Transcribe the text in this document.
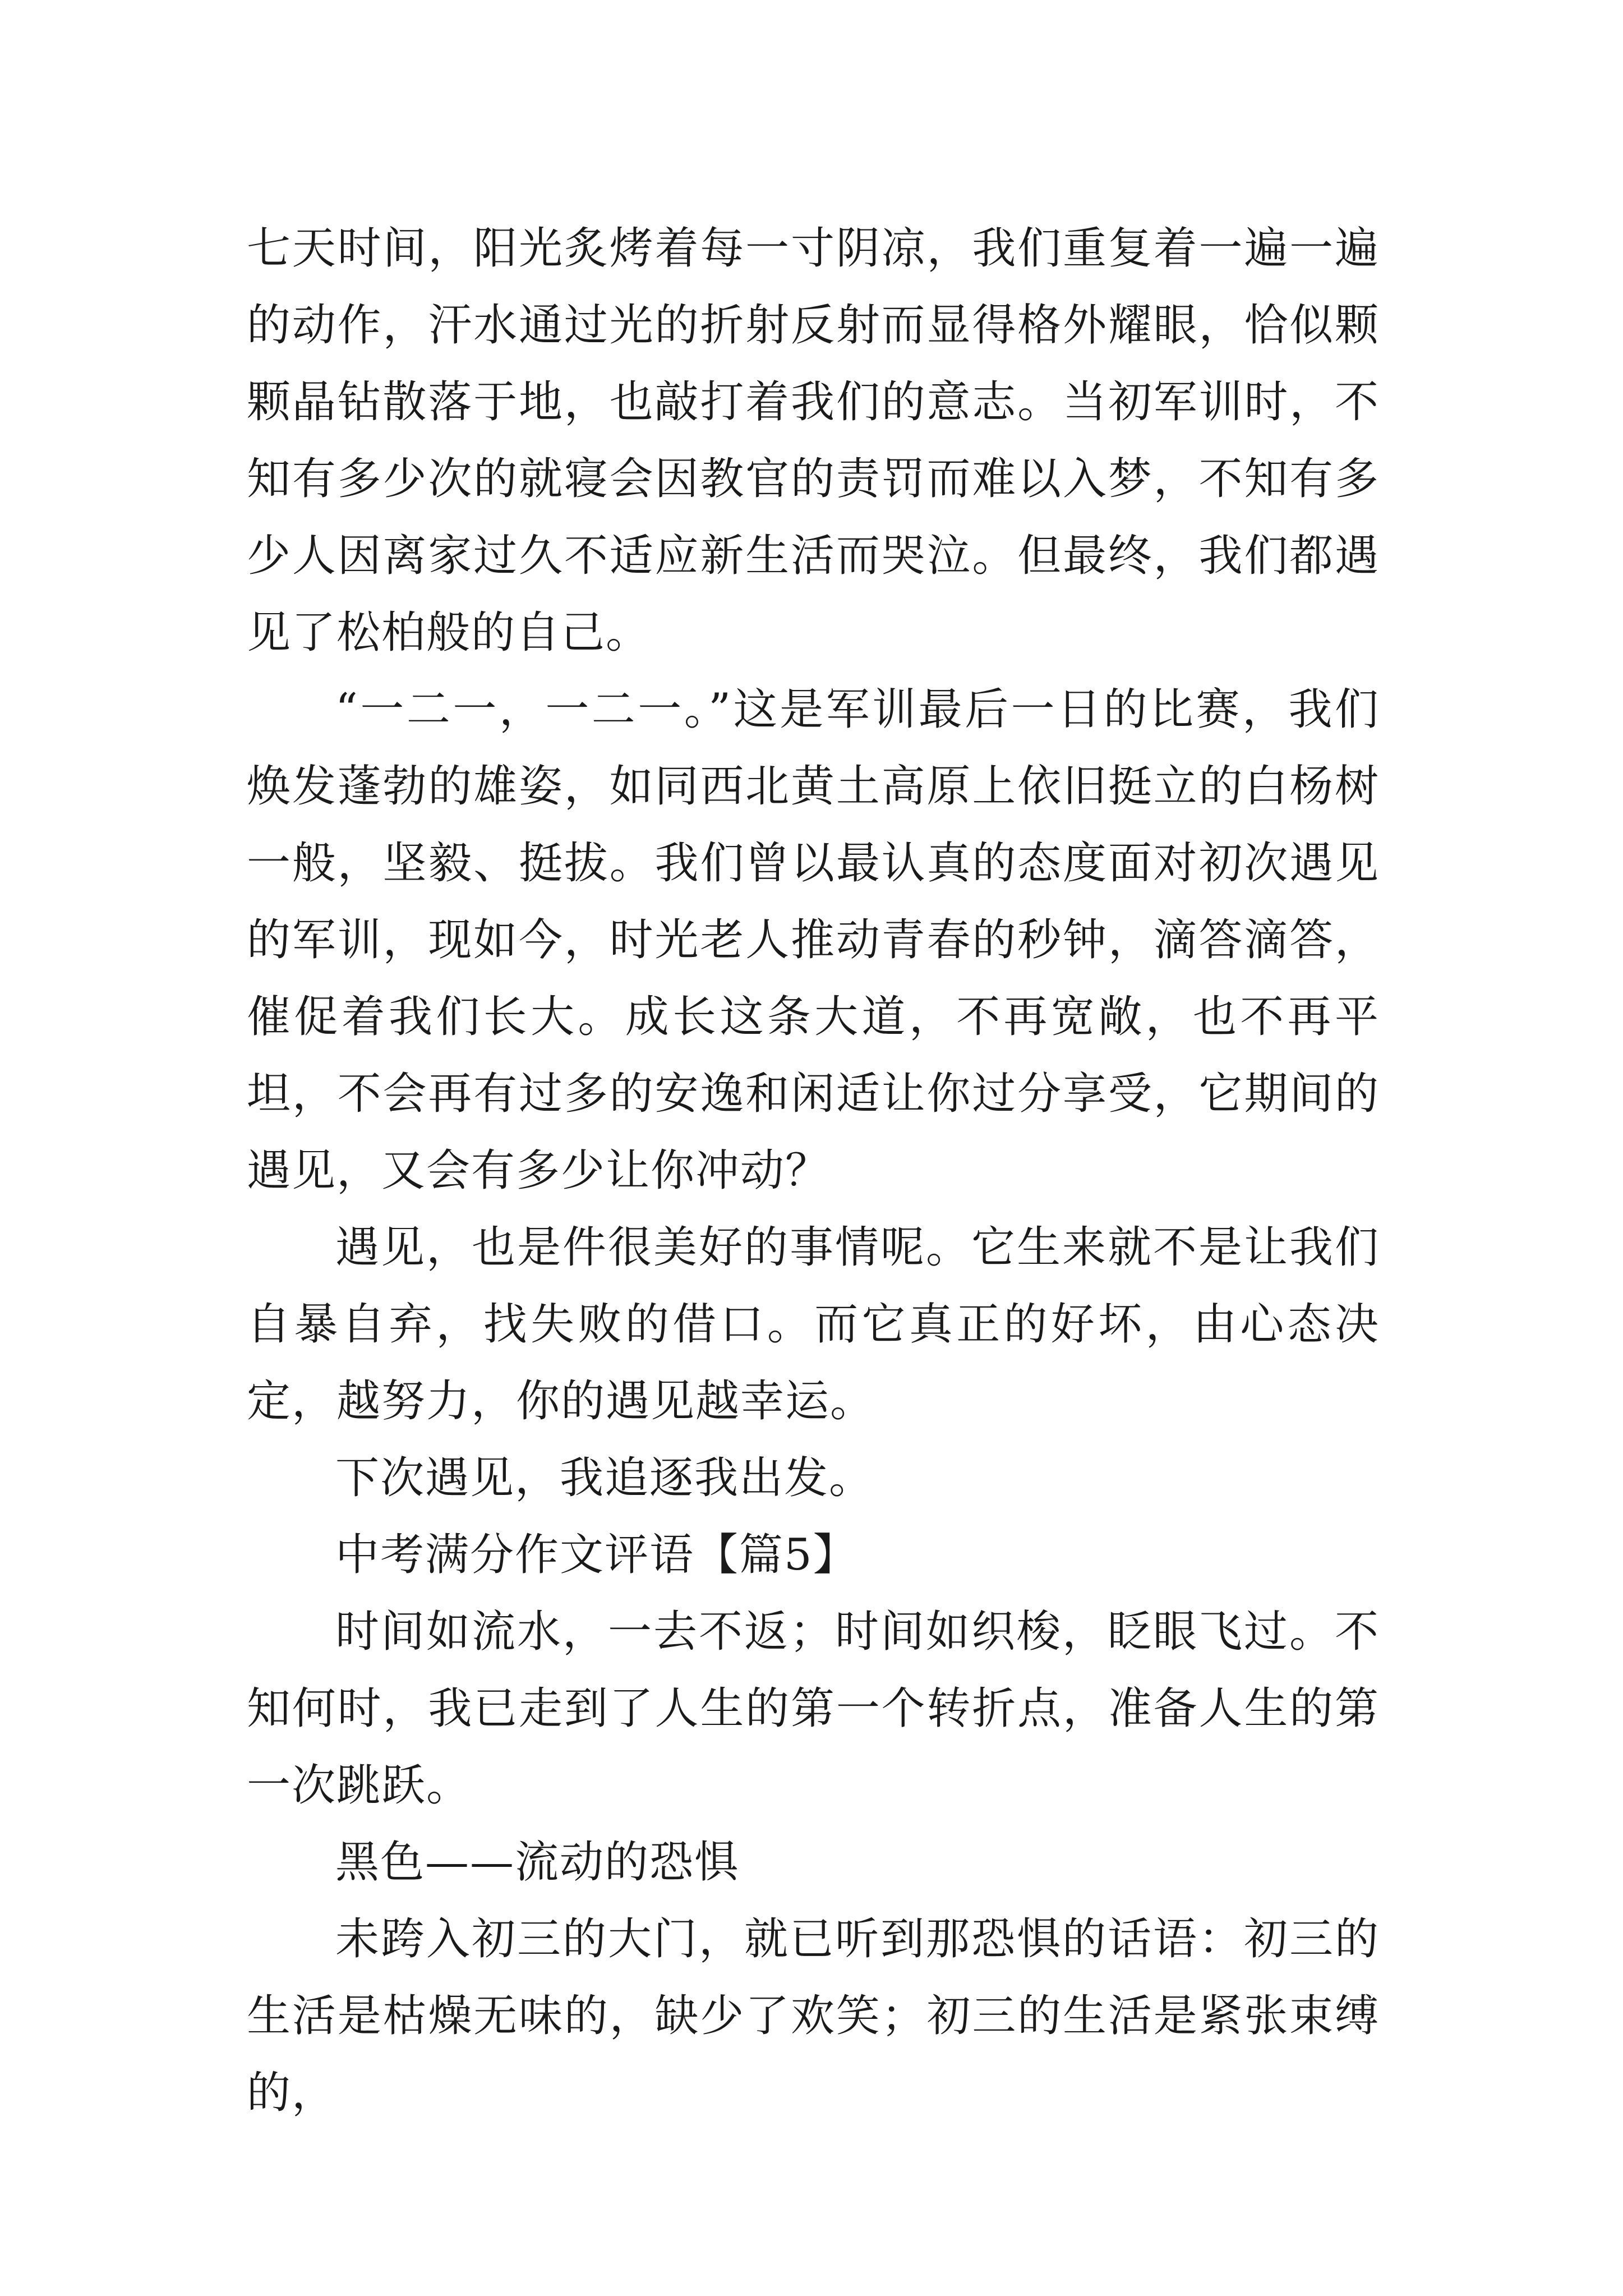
七天时间，阳光炙烤着每一寸阴凉，我们重复着一遍一遍的动作，汗水通过光的折射反射而显得格外耀眼，恰似颗颗晶钻散落于地，也敲打着我们的意志。当初军训时，不知有多少次的就寝会因教官的责罚而难以入梦，不知有多少人因离家过久不适应新生活而哭泣。但最终，我们都遇见了松柏般的自己。

“一二一，一二一。”这是军训最后一日的比赛，我们焕发蓬勃的雄姿，如同西北黄土高原上依旧挺立的白杨树一般，坚毅、挺拔。我们曾以最认真的态度面对初次遇见的军训，现如今，时光老人推动青春的秒钟，滴答滴答，催促着我们长大。成长这条大道，不再宽敞，也不再平坦，不会再有过多的安逸和闲适让你过分享受，它期间的遇见，又会有多少让你冲动？

遇见，也是件很美好的事情呢。它生来就不是让我们自暴自弃，找失败的借口。而它真正的好坏，由心态决定，越努力，你的遇见越幸运。

下次遇见，我追逐我出发。

中考满分作文评语【篇5】

时间如流水，一去不返；时间如织梭，眨眼飞过。不知何时，我已走到了人生的第一个转折点，准备人生的第一次跳跃。

黑色——流动的恐惧

未跨入初三的大门，就已听到那恐惧的话语：初三的生活是枯燥无味的，缺少了欢笑；初三的生活是紧张束缚的，
